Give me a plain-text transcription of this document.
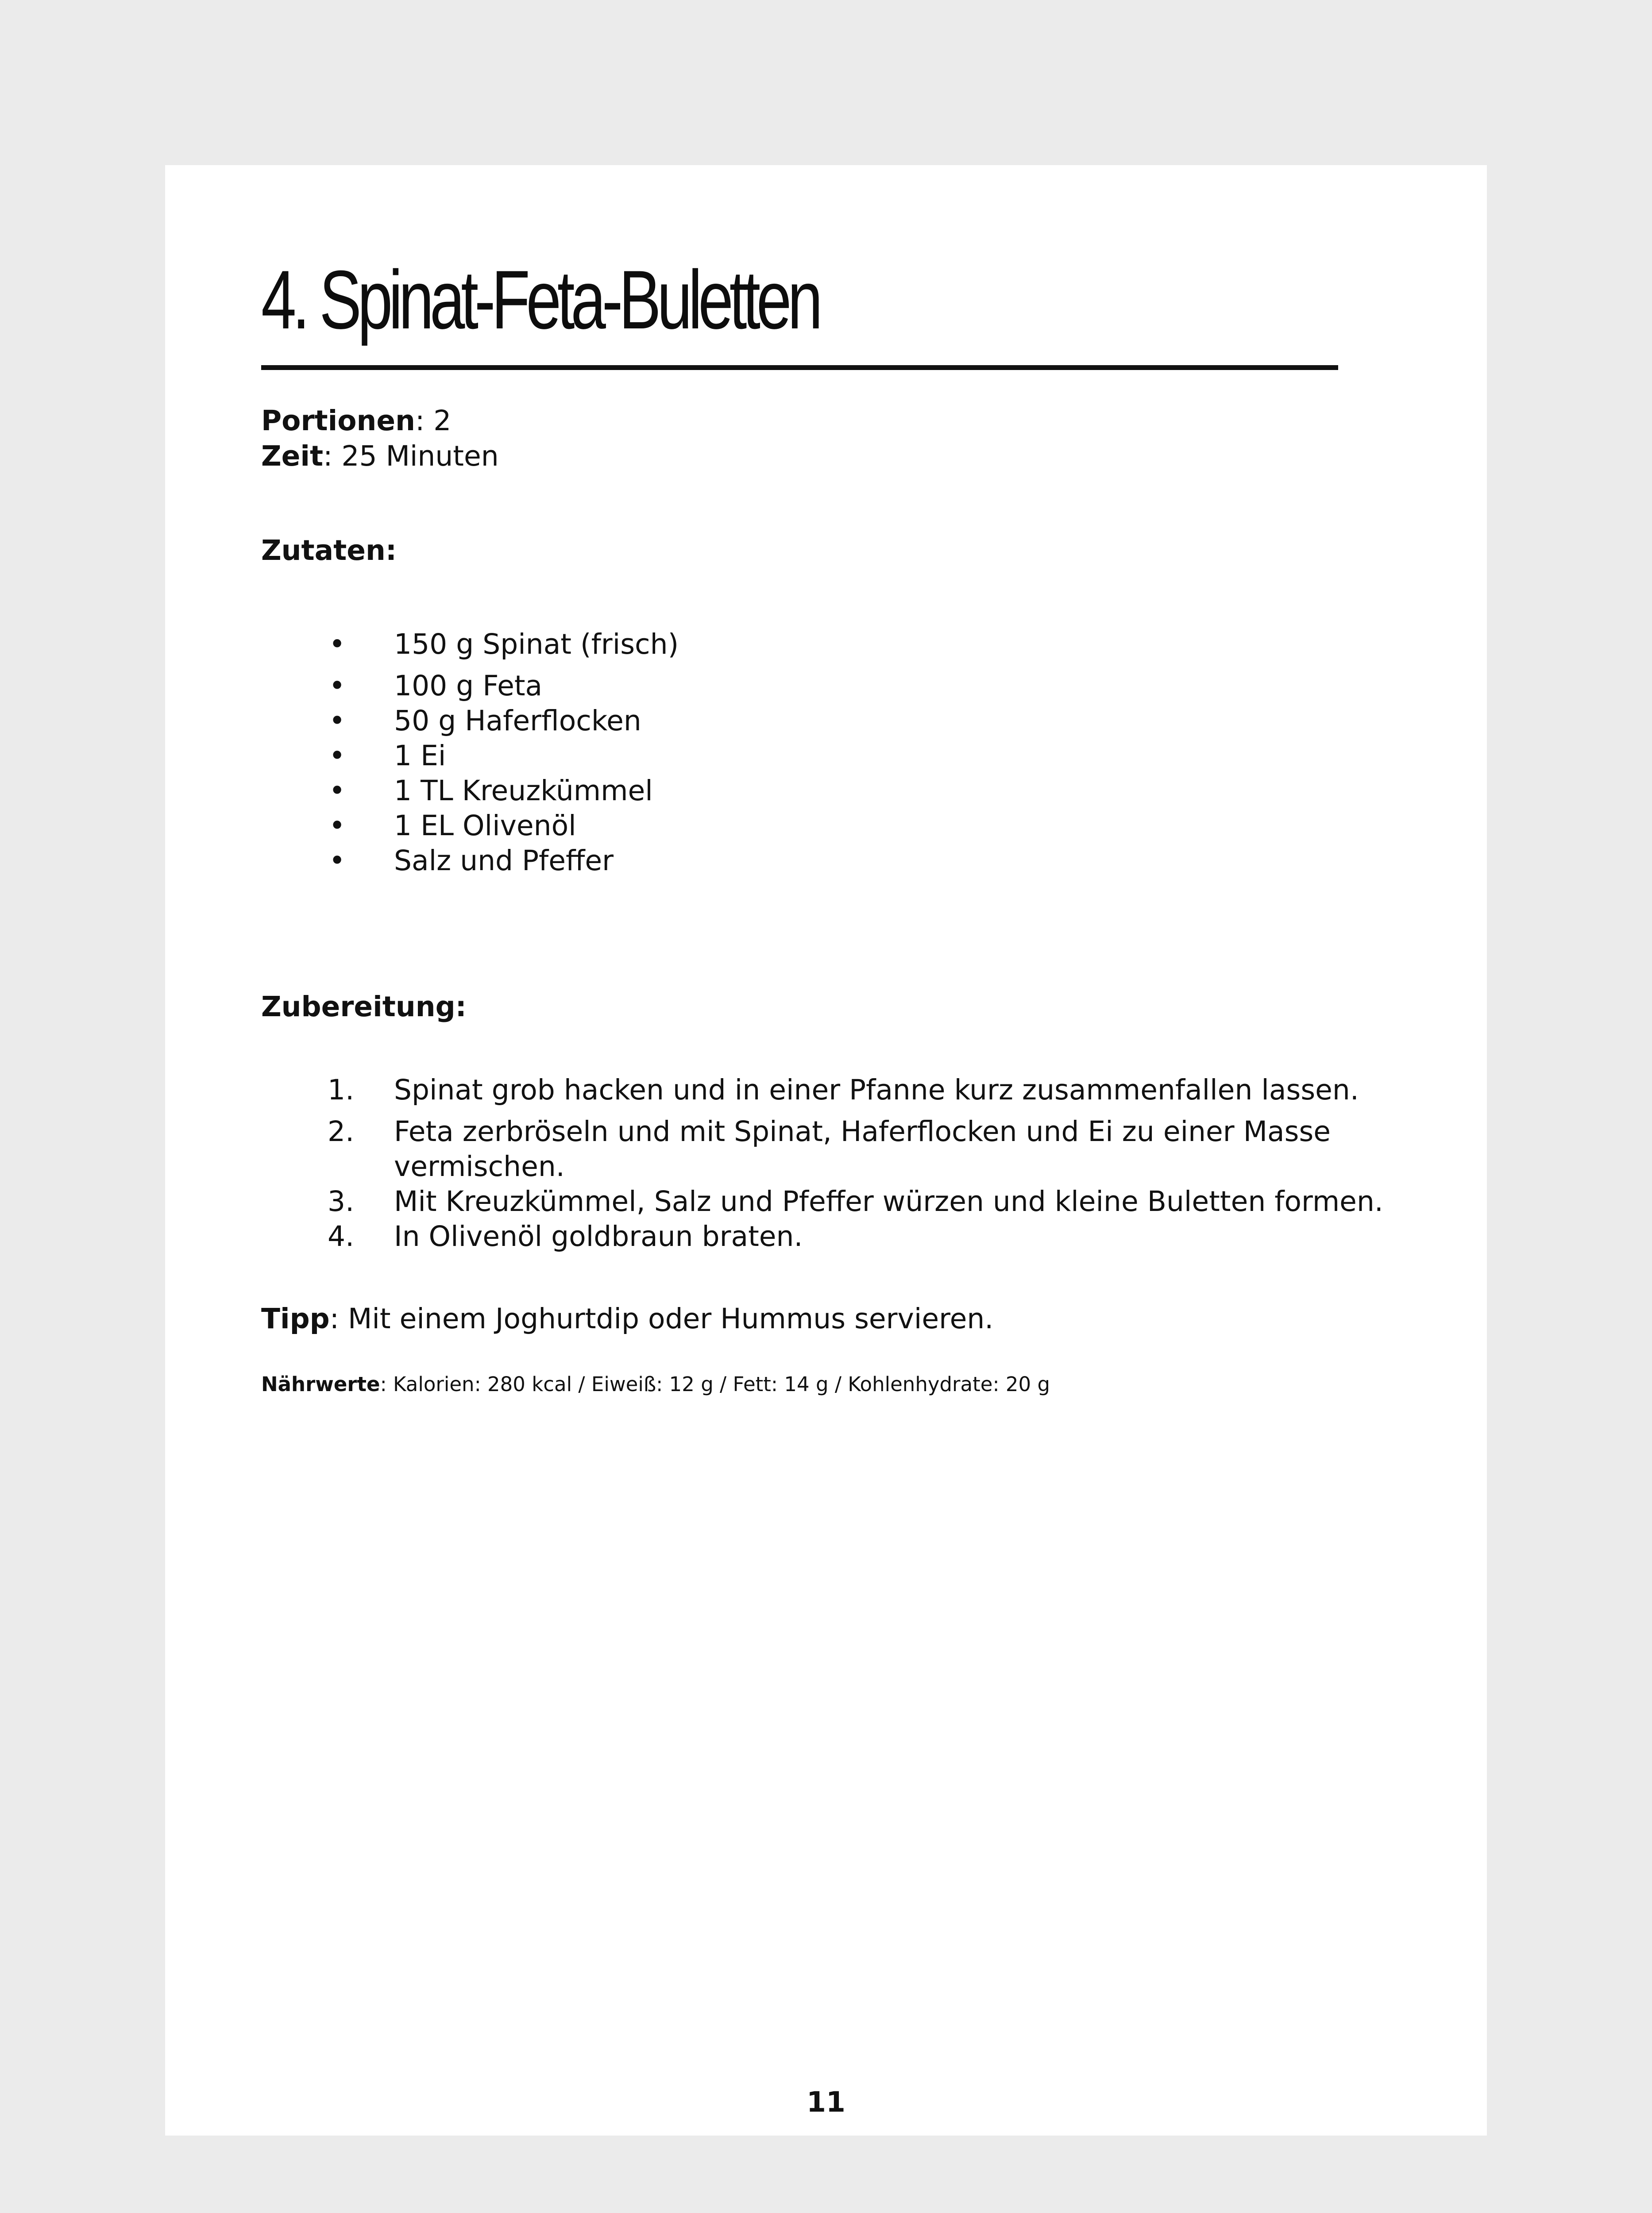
4. Spinat-Feta-Buletten
Portionen: 2
Zeit: 25 Minuten
Zutaten:
• 150 g Spinat (frisch)
• 100 g Feta
• 50 g Haferflocken
• 1 Ei
• 1 TL Kreuzkümmel
• 1 EL Olivenöl
• Salz und Pfeffer
Zubereitung:
1. Spinat grob hacken und in einer Pfanne kurz zusammenfallen lassen.
2. Feta zerbröseln und mit Spinat, Haferflocken und Ei zu einer Masse vermischen.
3. Mit Kreuzkümmel, Salz und Pfeffer würzen und kleine Buletten formen.
4. In Olivenöl goldbraun braten.
Tipp: Mit einem Joghurtdip oder Hummus servieren.
Nährwerte: Kalorien: 280 kcal / Eiweiß: 12 g / Fett: 14 g / Kohlenhydrate: 20 g
11
